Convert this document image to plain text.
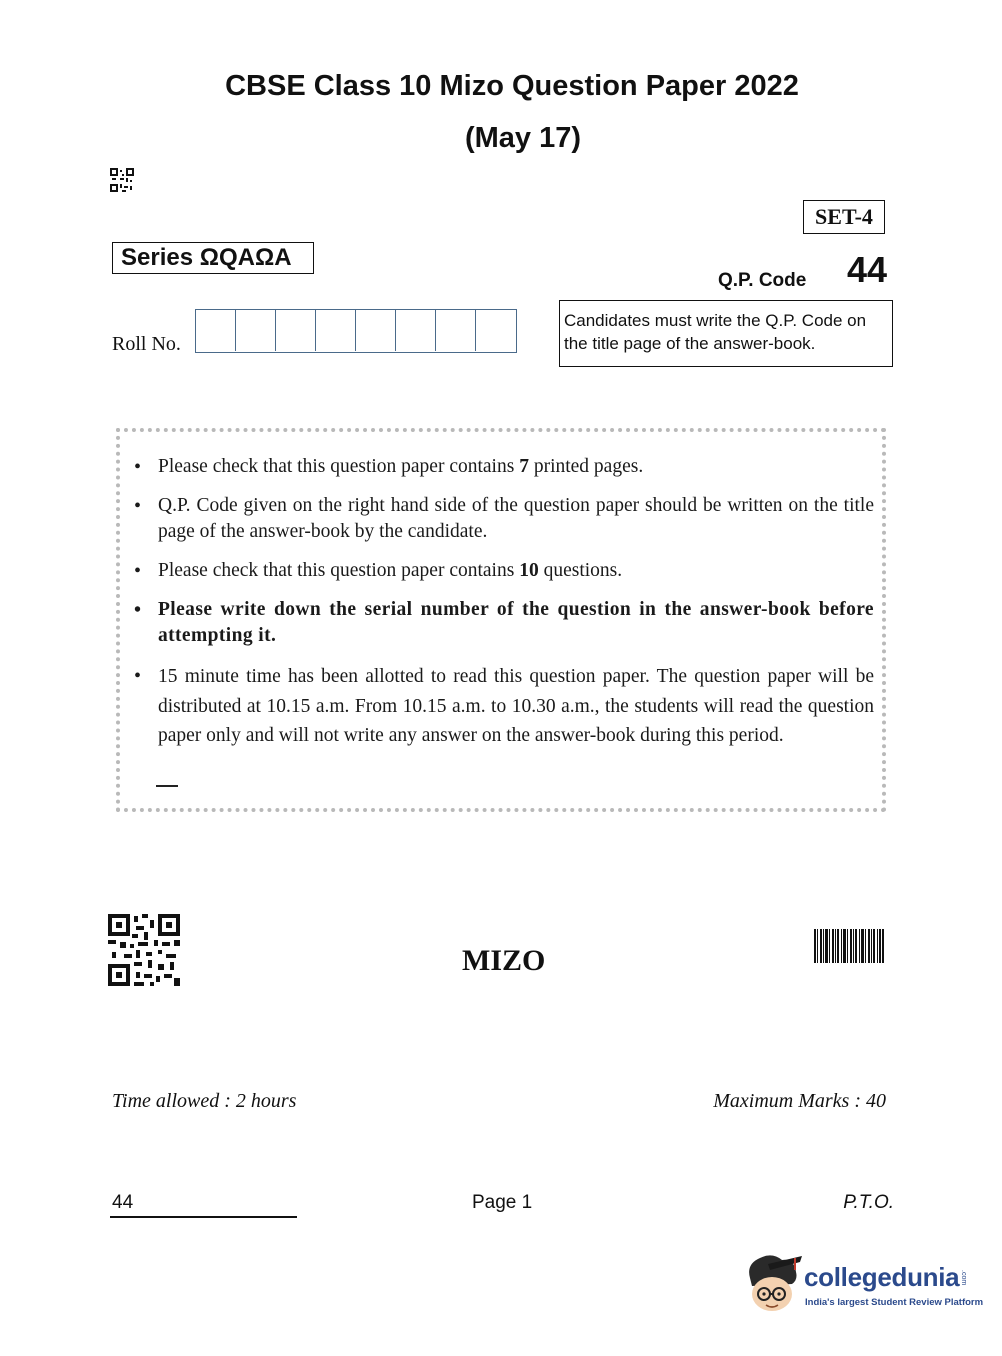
CBSE Class 10 Mizo Question Paper 2022
(May 17)
SET-4
Series ΩQAΩA
Q.P. Code 44
Roll No.
Candidates must write the Q.P. Code on the title page of the answer-book.
• Please check that this question paper contains 7 printed pages.
• Q.P. Code given on the right hand side of the question paper should be written on the title page of the answer-book by the candidate.
• Please check that this question paper contains 10 questions.
• Please write down the serial number of the question in the answer-book before attempting it.
• 15 minute time has been allotted to read this question paper. The question paper will be distributed at 10.15 a.m. From 10.15 a.m. to 10.30 a.m., the students will read the question paper only and will not write any answer on the answer-book during this period.
MIZO
Time allowed : 2 hours	Maximum Marks : 40
44	Page 1	P.T.O.
collegedunia .com
India's largest Student Review Platform
